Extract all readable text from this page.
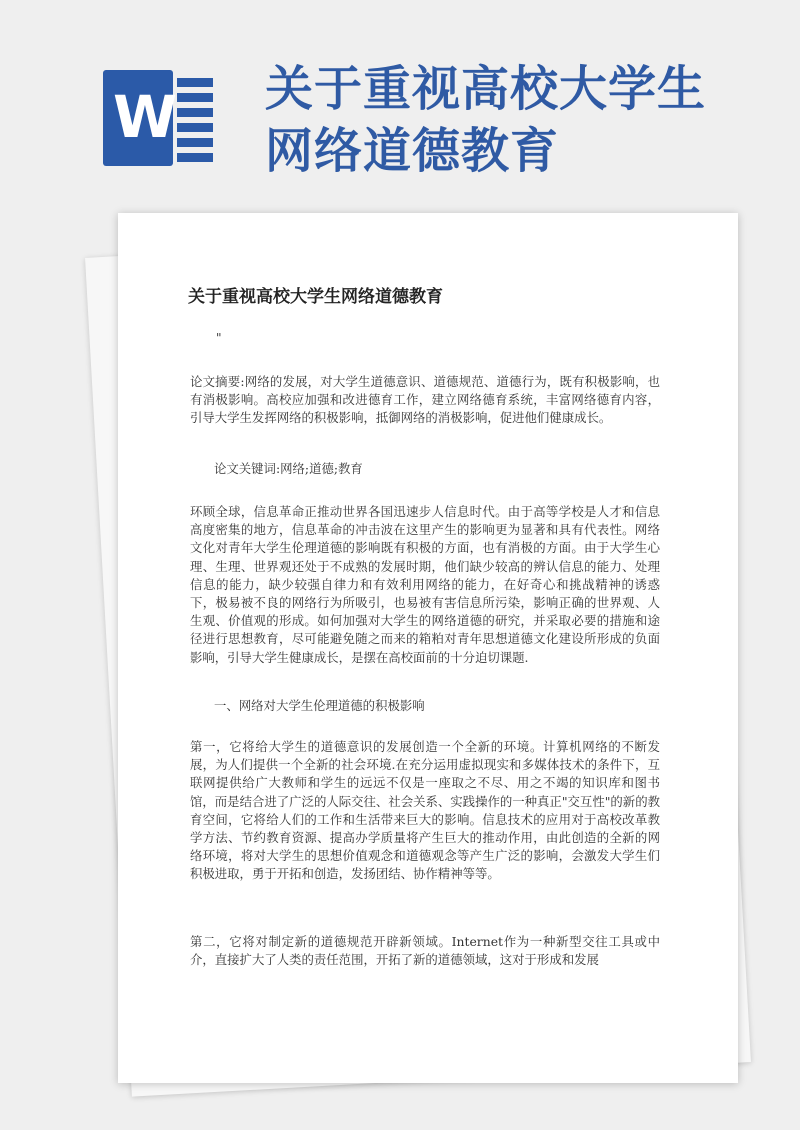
W 关于重视高校大学生网络道德教育
关于重视高校大学生网络道德教育
"
论文摘要:网络的发展，对大学生道德意识、道德规范、道德行为，既有积极影响，也有消极影响。高校应加强和改进德育工作，建立网络德育系统，丰富网络德育内容，引导大学生发挥网络的积极影响，抵御网络的消极影响，促进他们健康成长。
论文关键词:网络;道德;教育
环顾全球，信息革命正推动世界各国迅速步人信息时代。由于高等学校是人才和信息高度密集的地方，信息革命的冲击波在这里产生的影响更为显著和具有代表性。网络文化对青年大学生伦理道德的影响既有积极的方面，也有消极的方面。由于大学生心理、生理、世界观还处于不成熟的发展时期，他们缺少较高的辨认信息的能力、处理信息的能力，缺少较强自律力和有效利用网络的能力，在好奇心和挑战精神的诱惑下，极易被不良的网络行为所吸引，也易被有害信息所污染，影响正确的世界观、人生观、价值观的形成。如何加强对大学生的网络道德的研究，并采取必要的措施和途径进行思想教育，尽可能避免随之而来的箱粕对青年思想道德文化建设所形成的负面影响，引导大学生健康成长，是摆在高校面前的十分迫切课题.
一、网络对大学生伦理道德的积极影响
第一，它将给大学生的道德意识的发展创造一个全新的环境。计算机网络的不断发展，为人们提供一个全新的社会环境.在充分运用虚拟现实和多媒体技术的条件下，互联网提供给广大教师和学生的远远不仅是一座取之不尽、用之不竭的知识库和图书馆，而是结合进了广泛的人际交往、社会关系、实践操作的一种真正"交互性"的新的教育空间，它将给人们的工作和生活带来巨大的影响。信息技术的应用对于高校改革教学方法、节约教育资源、提高办学质量将产生巨大的推动作用，由此创造的全新的网络环境，将对大学生的思想价值观念和道德观念等产生广泛的影响，会激发大学生们积极进取，勇于开拓和创造，发扬团结、协作精神等等。
第二，它将对制定新的道德规范开辟新领域。Internet作为一种新型交往工具或中介，直接扩大了人类的责任范围，开拓了新的道德领域，这对于形成和发展
